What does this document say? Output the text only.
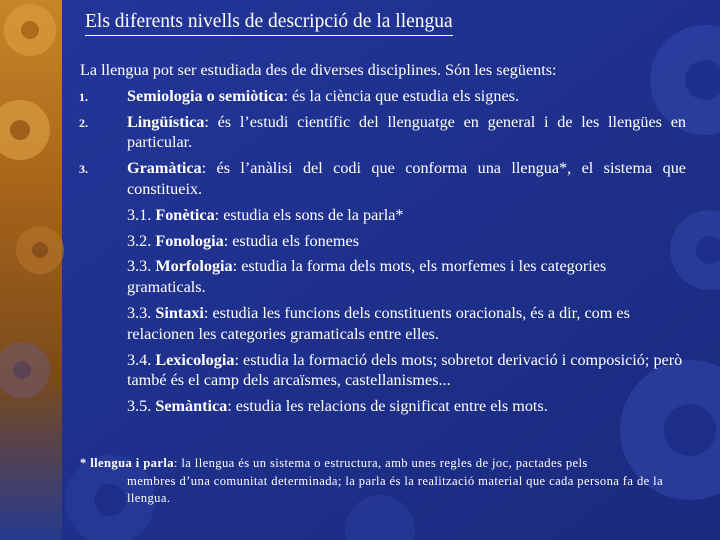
Els diferents nivells de descripció de la llengua
La llengua pot ser estudiada des de diverses disciplines. Són les següents:
1. Semiologia o semiòtica: és la ciència que estudia els signes.
2. Lingüística: és l’estudi científic del llenguatge en general i de les llengües en particular.
3. Gramàtica: és l’anàlisi del codi que conforma una llengua*, el sistema que constitueix.
3.1. Fonètica: estudia els sons de la parla*
3.2. Fonologia: estudia els fonemes
3.3. Morfologia: estudia la forma dels mots, els morfemes i les categories gramaticals.
3.3. Sintaxi: estudia les funcions dels constituents oracionals, és a dir, com es relacionen les categories gramaticals entre elles.
3.4. Lexicologia: estudia la formació dels mots; sobretot derivació i composició; però també és el camp dels arcaïsmes, castellanismes...
3.5. Semàntica: estudia les relacions de significat entre els mots.
* llengua i parla: la llengua és un sistema o estructura, amb unes regles de joc, pactades pels
membres d’una comunitat determinada; la parla és la realització material que cada persona fa de la llengua.
